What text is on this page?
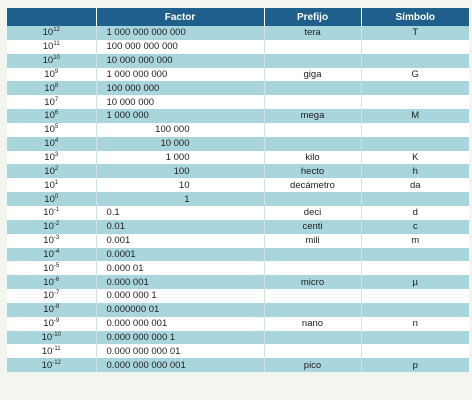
	Factor	Prefijo	Símbolo
$10^{12}$	1 000 000 000 000	tera	T
$10^{11}$	100 000 000 000		
$10^{10}$	10 000 000 000		
$10^9$	1 000 000 000	giga	G
$10^8$	100 000 000		
$10^7$	10 000 000		
$10^6$	1 000 000	mega	M
$10^5$	100 000		
$10^4$	10 000		
$10^3$	1 000	kilo	K
$10^2$	100	hecto	h
$10^1$	10	decámetro	da
$10^0$	1		
$10^{-1}$	0.1	deci	d
$10^{-2}$	0.01	centi	c
$10^{-3}$	0.001	mili	m
$10^{-4}$	0.0001		
$10^{-5}$	0.000 01		
$10^{-6}$	0.000 001	micro	µ
$10^{-7}$	0.000 000 1		
$10^{-8}$	0.000000 01		
$10^{-9}$	0.000 000 001	nano	n
$10^{-10}$	0.000 000 000 1		
$10^{-11}$	0.000 000 000 01		
$10^{-12}$	0.000 000 000 001	pico	p
